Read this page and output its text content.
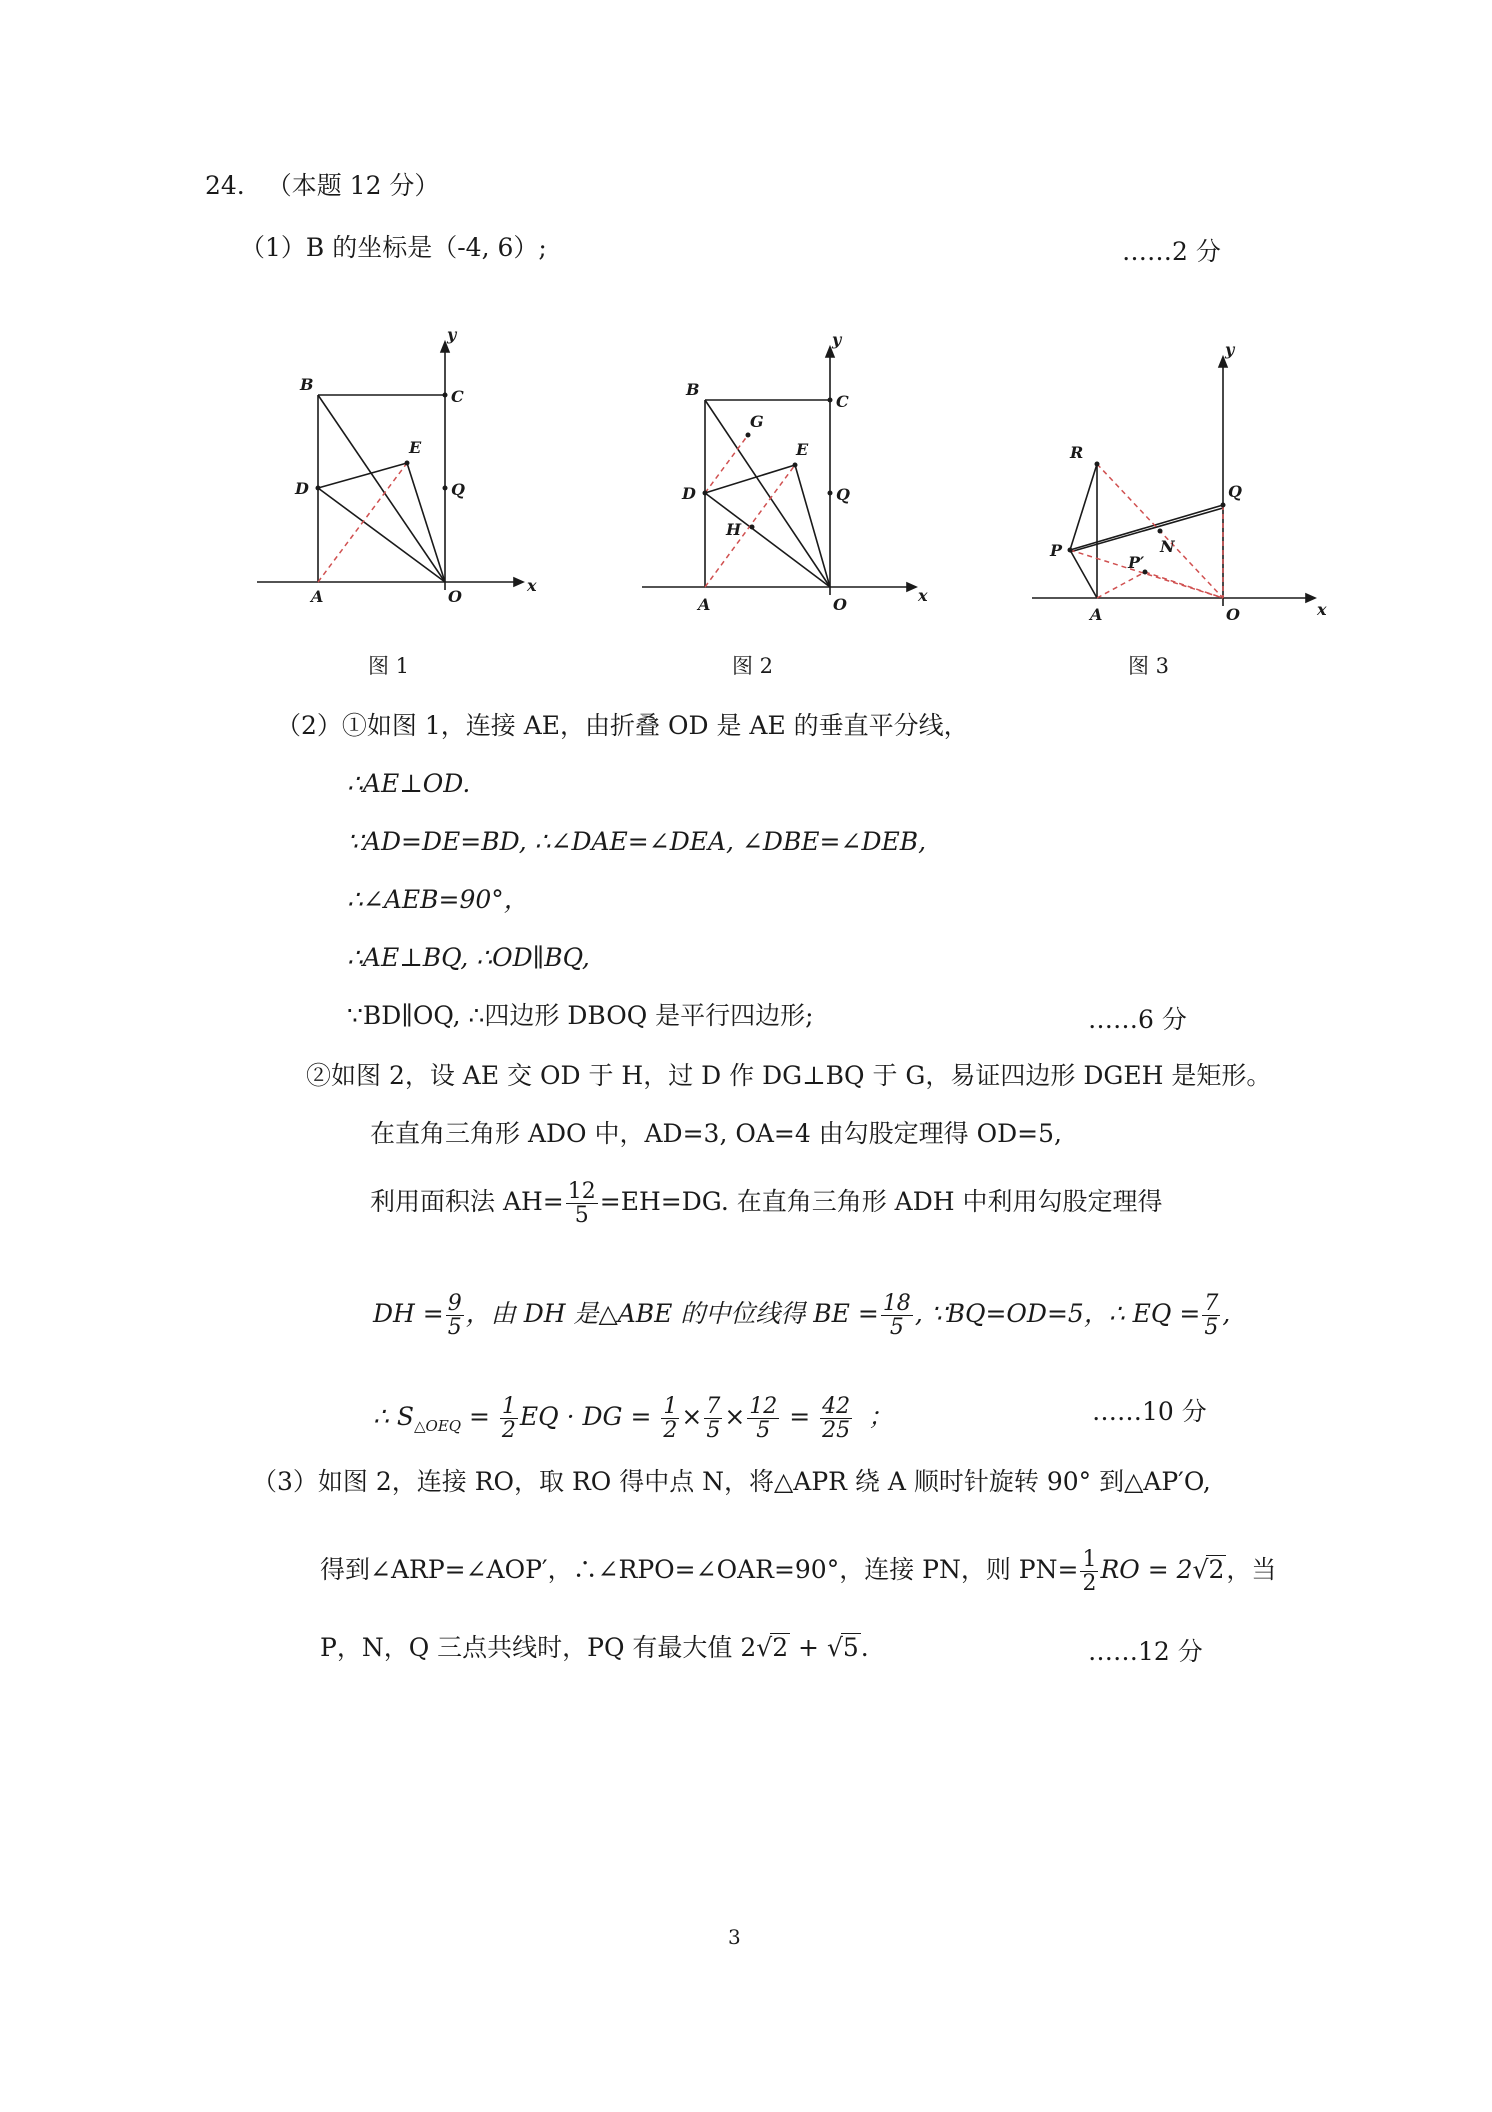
24. （本题 12 分）
（1）B 的坐标是（-4, 6）;	……2 分
y
x
B
C
E
D	Q
A	O
图 1
y
x
B
C
G
E
D	Q
H
A	O
图 2
y
x
R
Q
P	N
P′
A	O
图 3
（2）①如图 1，连接 AE，由折叠 OD 是 AE 的垂直平分线，
∴AE⊥OD.
∵AD=DE=BD, ∴∠DAE=∠DEA, ∠DBE=∠DEB,
∴∠AEB=90°，
∴AE⊥BQ, ∴OD∥BQ,
∵BD∥OQ, ∴四边形 DBOQ 是平行四边形;	……6 分
②如图 2，设 AE 交 OD 于 H，过 D 作 DG⊥BQ 于 G，易证四边形 DGEH 是矩形。
在直角三角形 ADO 中，AD=3, OA=4 由勾股定理得 OD=5,
利用面积法 $AH= \frac{12}{5} =EH=DG$. 在直角三角形 ADH 中利用勾股定理得
DH = $\frac{9}{5}$ ，由 DH 是△ABE 的中位线得 BE = $\frac{18}{5}$ , ∵BQ=OD=5，∴ EQ = $\frac{7}{5}$ ,
∴ $S_{\triangle OEQ} = \frac{1}{2}$ EQ · DG = $\frac{1}{2} \times \frac{7}{5} \times \frac{12}{5} = \frac{42}{25}$ ；	……10 分
（3）如图 2，连接 RO，取 RO 得中点 N，将△APR 绕 A 顺时针旋转 90° 到△AP′O,
得到∠ARP=∠AOP′，∴∠RPO=∠OAR=90°，连接 PN，则 $PN= \frac{1}{2}$ RO = 2√2，当
P，N，Q 三点共线时，PQ 有最大值 2√2 + √5.	……12 分
3
